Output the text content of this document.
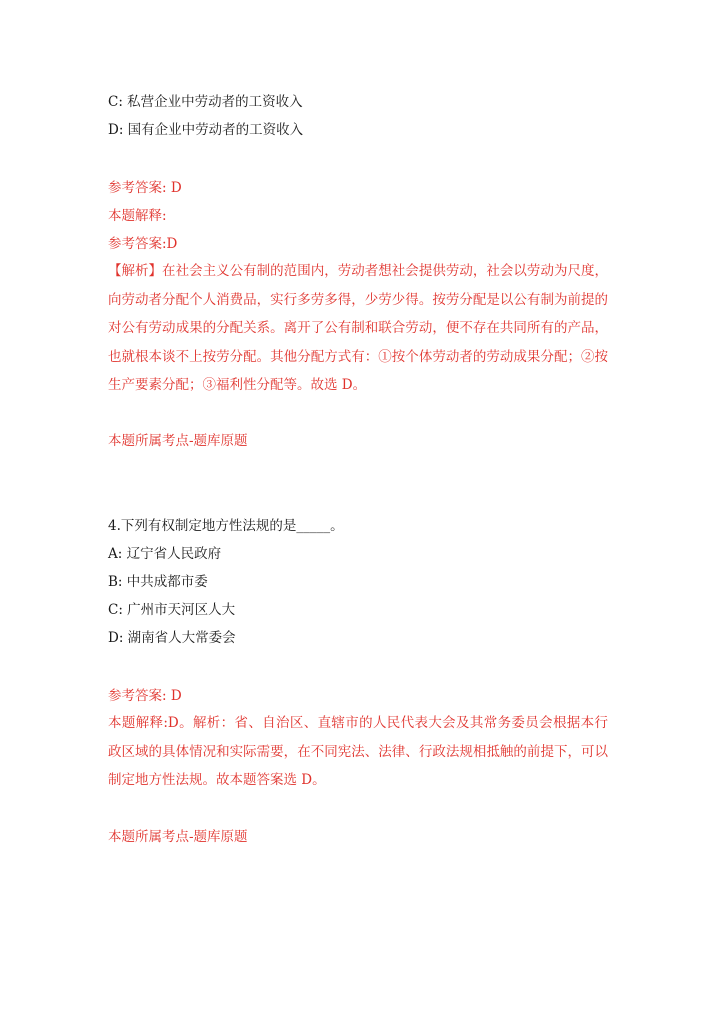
C: 私营企业中劳动者的工资收入
D: 国有企业中劳动者的工资收入
参考答案: D
本题解释:
参考答案:D
【解析】在社会主义公有制的范围内，劳动者想社会提供劳动，社会以劳动为尺度，向劳动者分配个人消费品，实行多劳多得，少劳少得。按劳分配是以公有制为前提的对公有劳动成果的分配关系。离开了公有制和联合劳动，便不存在共同所有的产品，也就根本谈不上按劳分配。其他分配方式有：①按个体劳动者的劳动成果分配；②按生产要素分配；③福利性分配等。故选 D。
本题所属考点-题库原题
4.下列有权制定地方性法规的是_____。
A: 辽宁省人民政府
B: 中共成都市委
C: 广州市天河区人大
D: 湖南省人大常委会
参考答案: D
本题解释:D。解析：省、自治区、直辖市的人民代表大会及其常务委员会根据本行政区域的具体情况和实际需要，在不同宪法、法律、行政法规相抵触的前提下，可以制定地方性法规。故本题答案选 D。
本题所属考点-题库原题
